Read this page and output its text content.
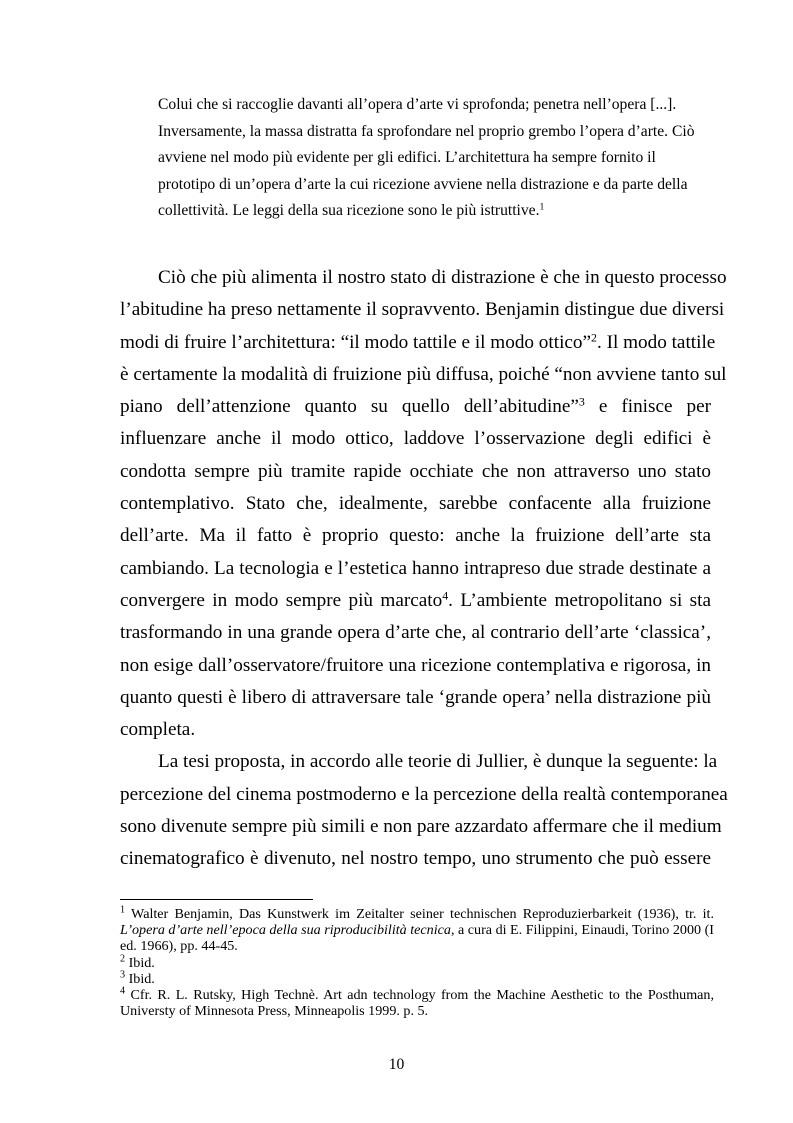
Colui che si raccoglie davanti all’opera d’arte vi sprofonda; penetra nell’opera [...].

Inversamente, la massa distratta fa sprofondare nel proprio grembo l’opera d’arte. Ciò

avviene nel modo più evidente per gli edifici. L’architettura ha sempre fornito il

prototipo di un’opera d’arte la cui ricezione avviene nella distrazione e da parte della

collettività. Le leggi della sua ricezione sono le più istruttive.$^1$

Ciò che più alimenta il nostro stato di distrazione è che in questo processo
l’abitudine ha preso nettamente il sopravvento. Benjamin distingue due diversi
modi di fruire l’architettura: “il modo tattile e il modo ottico”$^2$. Il modo tattile
è certamente la modalità di fruizione più diffusa, poiché “non avviene tanto sul
piano dell’attenzione quanto su quello dell’abitudine”$^3$ e finisce per
influenzare anche il modo ottico, laddove l’osservazione degli edifici è
condotta sempre più tramite rapide occhiate che non attraverso uno stato
contemplativo. Stato che, idealmente, sarebbe confacente alla fruizione
dell’arte. Ma il fatto è proprio questo: anche la fruizione dell’arte sta
cambiando. La tecnologia e l’estetica hanno intrapreso due strade destinate a
convergere in modo sempre più marcato$^4$. L’ambiente metropolitano si sta
trasformando in una grande opera d’arte che, al contrario dell’arte ‘classica’,
non esige dall’osservatore/fruitore una ricezione contemplativa e rigorosa, in
quanto questi è libero di attraversare tale ‘grande opera’ nella distrazione più
completa.
La tesi proposta, in accordo alle teorie di Jullier, è dunque la seguente: la
percezione del cinema postmoderno e la percezione della realtà contemporanea
sono divenute sempre più simili e non pare azzardato affermare che il medium
cinematografico è divenuto, nel nostro tempo, uno strumento che può essere

$^1$ Walter Benjamin, Das Kunstwerk im Zeitalter seiner technischen Reproduzierbarkeit (1936), tr. it. L’opera d’arte nell’epoca della sua riproducibilità tecnica, a cura di E. Filippini, Einaudi, Torino 2000 (I ed. 1966), pp. 44-45.

$^2$ Ibid.

$^3$ Ibid.

$^4$ Cfr. R. L. Rutsky, High Technè. Art adn technology from the Machine Aesthetic to the Posthuman, Universty of Minnesota Press, Minneapolis 1999. p. 5.

10
